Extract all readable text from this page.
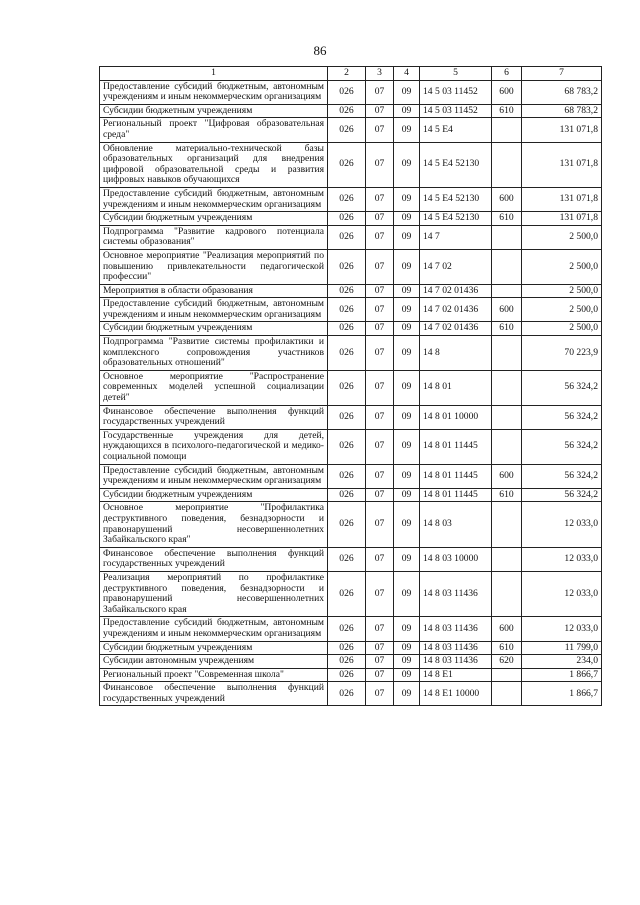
86
1	2	3	4	5	6	7
Предоставление субсидий бюджетным, автономным учреждениям и иным некоммерческим организациям	026	07	09	14 5 03 11452	600	68 783,2
Субсидии бюджетным учреждениям	026	07	09	14 5 03 11452	610	68 783,2
Региональный проект "Цифровая образовательная среда"	026	07	09	14 5 E4		131 071,8
Обновление материально-технической базы образовательных организаций для внедрения цифровой образовательной среды и развития цифровых навыков обучающихся	026	07	09	14 5 E4 52130		131 071,8
Предоставление субсидий бюджетным, автономным учреждениям и иным некоммерческим организациям	026	07	09	14 5 E4 52130	600	131 071,8
Субсидии бюджетным учреждениям	026	07	09	14 5 E4 52130	610	131 071,8
Подпрограмма "Развитие кадрового потенциала системы образования"	026	07	09	14 7		2 500,0
Основное мероприятие "Реализация мероприятий по повышению привлекательности педагогической профессии"	026	07	09	14 7 02		2 500,0
Мероприятия в области образования	026	07	09	14 7 02 01436		2 500,0
Предоставление субсидий бюджетным, автономным учреждениям и иным некоммерческим организациям	026	07	09	14 7 02 01436	600	2 500,0
Субсидии бюджетным учреждениям	026	07	09	14 7 02 01436	610	2 500,0
Подпрограмма "Развитие системы профилактики и комплексного сопровождения участников образовательных отношений"	026	07	09	14 8		70 223,9
Основное мероприятие "Распространение современных моделей успешной социализации детей"	026	07	09	14 8 01		56 324,2
Финансовое обеспечение выполнения функций государственных учреждений	026	07	09	14 8 01 10000		56 324,2
Государственные учреждения для детей, нуждающихся в психолого-педагогической и медико-социальной помощи	026	07	09	14 8 01 11445		56 324,2
Предоставление субсидий бюджетным, автономным учреждениям и иным некоммерческим организациям	026	07	09	14 8 01 11445	600	56 324,2
Субсидии бюджетным учреждениям	026	07	09	14 8 01 11445	610	56 324,2
Основное мероприятие "Профилактика деструктивного поведения, безнадзорности и правонарушений несовершеннолетних Забайкальского края"	026	07	09	14 8 03		12 033,0
Финансовое обеспечение выполнения функций государственных учреждений	026	07	09	14 8 03 10000		12 033,0
Реализация мероприятий по профилактике деструктивного поведения, безнадзорности и правонарушений несовершеннолетних Забайкальского края	026	07	09	14 8 03 11436		12 033,0
Предоставление субсидий бюджетным, автономным учреждениям и иным некоммерческим организациям	026	07	09	14 8 03 11436	600	12 033,0
Субсидии бюджетным учреждениям	026	07	09	14 8 03 11436	610	11 799,0
Субсидии автономным учреждениям	026	07	09	14 8 03 11436	620	234,0
Региональный проект "Современная школа"	026	07	09	14 8 E1		1 866,7
Финансовое обеспечение выполнения функций государственных учреждений	026	07	09	14 8 E1 10000		1 866,7
